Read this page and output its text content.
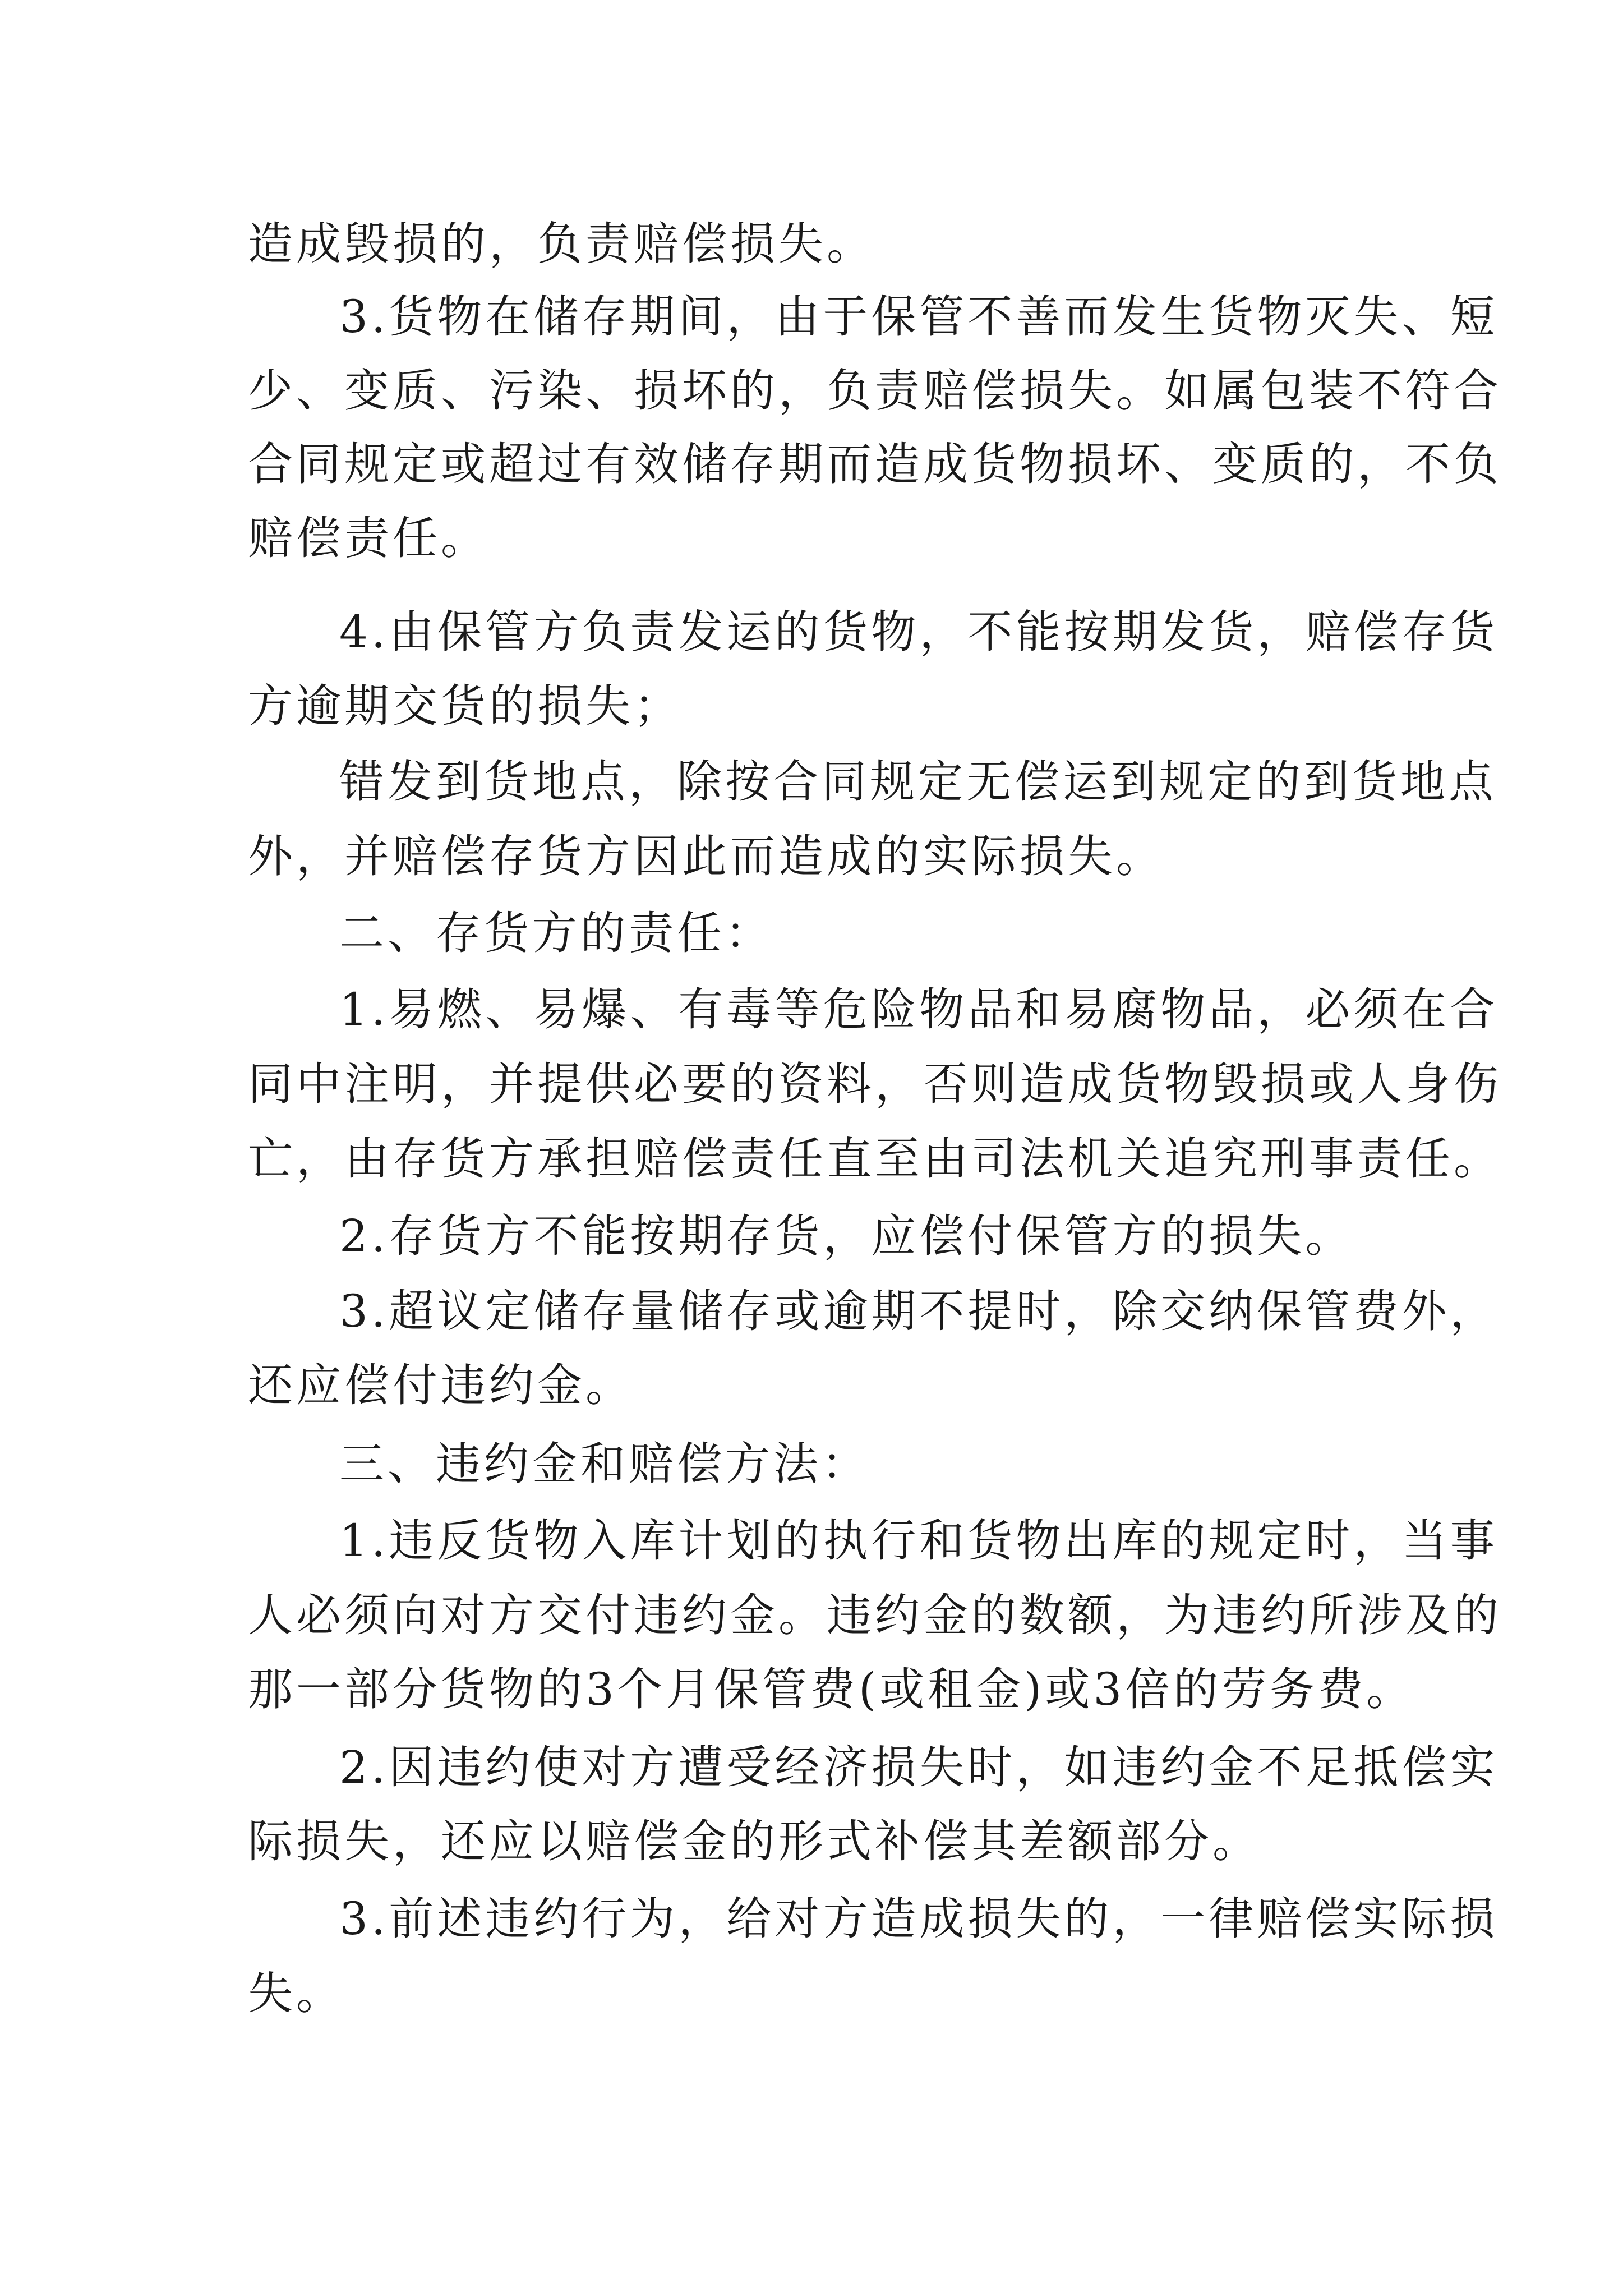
造成毁损的，负责赔偿损失。
3.货物在储存期间，由于保管不善而发生货物灭失、短
少、变质、污染、损坏的，负责赔偿损失。如属包装不符合
合同规定或超过有效储存期而造成货物损坏、变质的，不负
赔偿责任。
4.由保管方负责发运的货物，不能按期发货，赔偿存货
方逾期交货的损失；
错发到货地点，除按合同规定无偿运到规定的到货地点
外，并赔偿存货方因此而造成的实际损失。
二、存货方的责任：
1.易燃、易爆、有毒等危险物品和易腐物品，必须在合
同中注明，并提供必要的资料，否则造成货物毁损或人身伤
亡，由存货方承担赔偿责任直至由司法机关追究刑事责任。
2.存货方不能按期存货，应偿付保管方的损失。
3.超议定储存量储存或逾期不提时，除交纳保管费外，
还应偿付违约金。
三、违约金和赔偿方法：
1.违反货物入库计划的执行和货物出库的规定时，当事
人必须向对方交付违约金。违约金的数额，为违约所涉及的
那一部分货物的3个月保管费(或租金)或3倍的劳务费。
2.因违约使对方遭受经济损失时，如违约金不足抵偿实
际损失，还应以赔偿金的形式补偿其差额部分。
3.前述违约行为，给对方造成损失的，一律赔偿实际损
失。
